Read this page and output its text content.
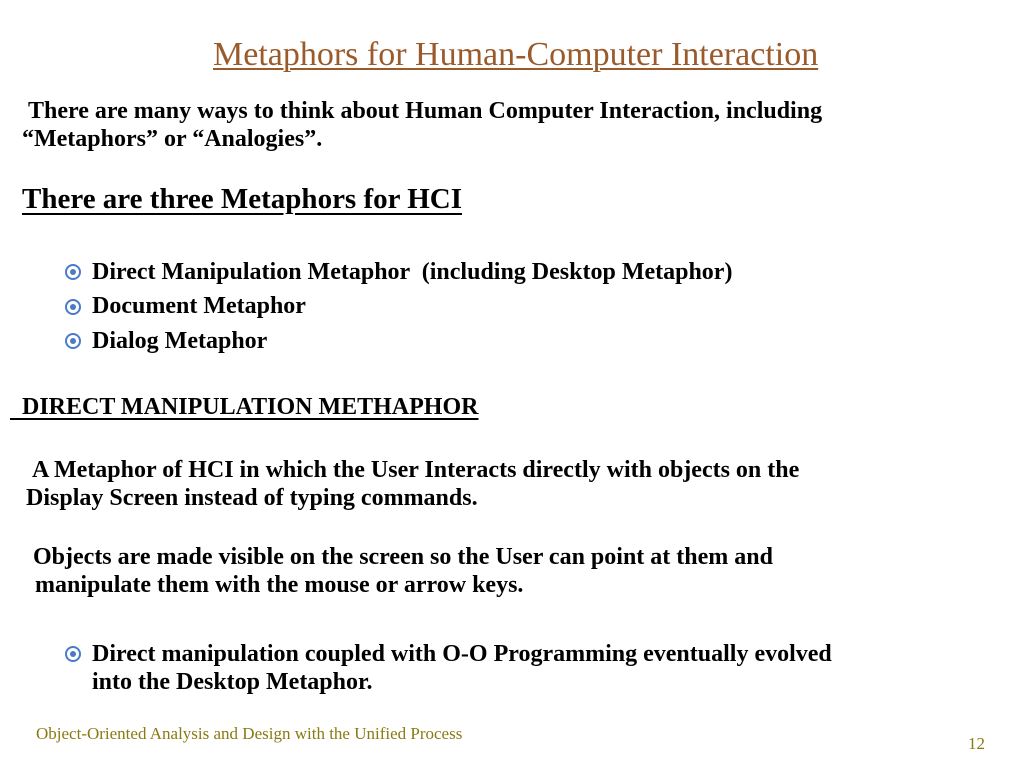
Metaphors for Human-Computer Interaction
There are many ways to think about Human Computer Interaction, including
“Metaphors” or “Analogies”.
There are three Metaphors for HCI
Direct Manipulation Metaphor  (including Desktop Metaphor)
Document Metaphor
Dialog Metaphor
DIRECT MANIPULATION METHAPHOR
A Metaphor of HCI in which the User Interacts directly with objects on the
Display Screen instead of typing commands.
Objects are made visible on the screen so the User can point at them and
manipulate them with the mouse or arrow keys.
Direct manipulation coupled with O-O Programming eventually evolved
into the Desktop Metaphor.
Object-Oriented Analysis and Design with the Unified Process
12
